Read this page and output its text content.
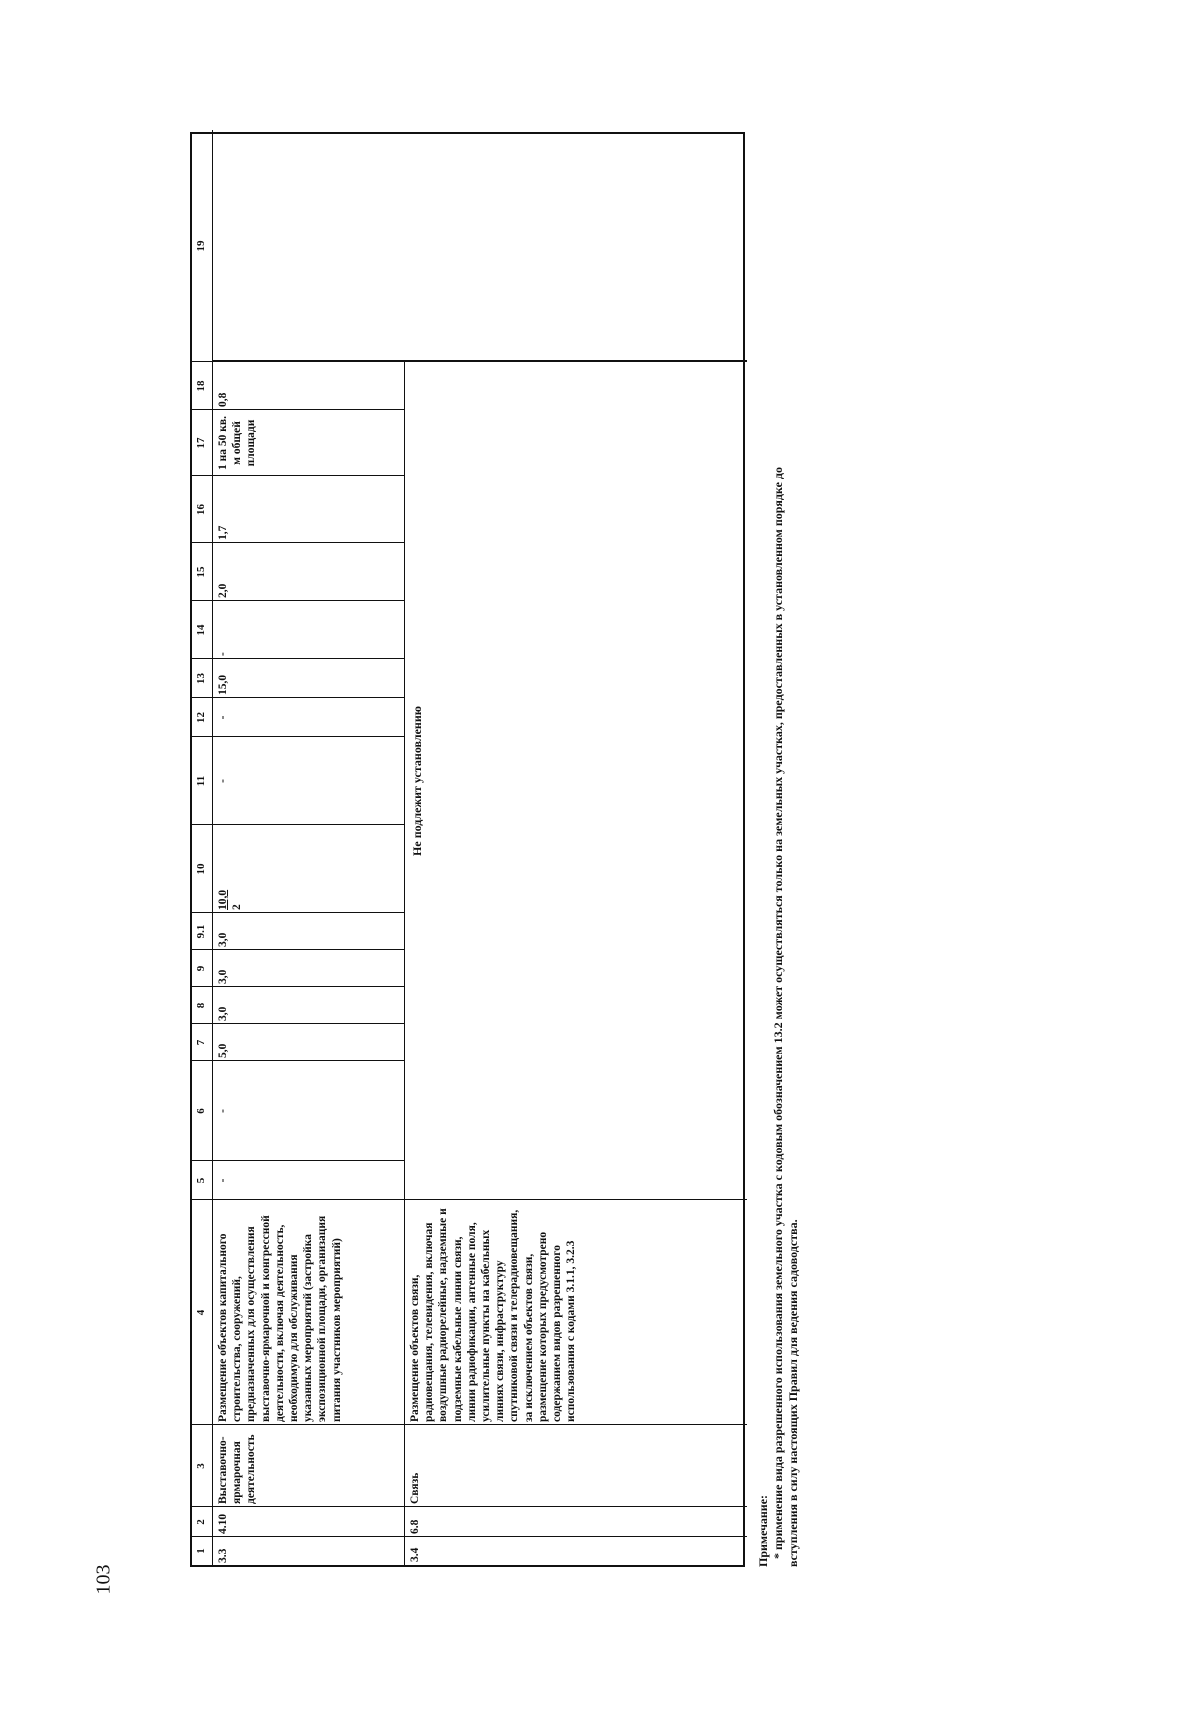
103
1
2
3
4
5
6
7
8
9
9.1
10
11
12
13
14
15
16
17
18
19
3.3
4.10
Выставочно-ярмарочная деятельность
Размещение объектов капитального строительства, сооружений, предназначенных для осуществления выставочно-ярмарочной и конгрессной деятельности, включая деятельность, необходимую для обслуживания указанных мероприятий (застройка экспозиционной площади, организация питания участников мероприятий)
-
-
5,0
3,0
3,0
3,0
10,0 2
-
-
15,0
-
2,0
1,7
1 на 50 кв. м общей площади
0,8
3.4
6.8
Связь
Размещение объектов связи, радиовещания, телевидения, включая воздушные радиорелейные, надземные и подземные кабельные линии связи, линии радиофикации, антенные поля, усилительные пункты на кабельных линиях связи, инфраструктуру спутниковой связи и телерадиовещания, за исключением объектов связи, размещение которых предусмотрено содержанием видов разрешенного использования с кодами 3.1.1, 3.2.3
Не подлежит установлению
Примечание: * применение вида разрешенного использования земельного участка с кодовым обозначением 13.2 может осуществляться только на земельных участках, предоставленных в установленном порядке до вступления в силу настоящих Правил для ведения садоводства.
